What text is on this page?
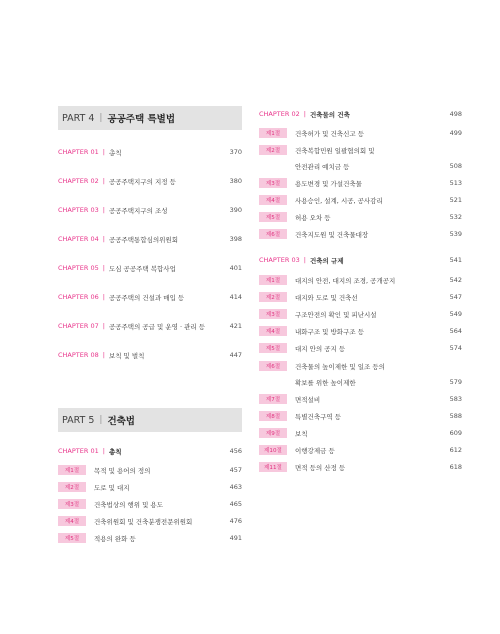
PART 4 | 공공주택 특별법
CHAPTER 01 | 총칙	370
CHAPTER 02 | 공공주택지구의 지정 등	380
CHAPTER 03 | 공공주택지구의 조성	390
CHAPTER 04 | 공공주택통합심의위원회	398
CHAPTER 05 | 도심 공공주택 복합사업	401
CHAPTER 06 | 공공주택의 건설과 매입 등	414
CHAPTER 07 | 공공주택의 공급 및 운영 · 관리 등	421
CHAPTER 08 | 보칙 및 벌칙	447
PART 5 | 건축법
CHAPTER 01 | 총칙	456
제1절	목적 및 용어의 정의	457
제2절	도로 및 대지	463
제3절	건축법상의 행위 및 용도	465
제4절	건축위원회 및 건축분쟁전문위원회	476
제5절	적용의 완화 등	491
CHAPTER 02 | 건축물의 건축	498
제1절	건축허가 및 건축신고 등	499
제2절	건축복합민원 일괄협의회 및
안전관리 예치금 등	508
제3절	용도변경 및 가설건축물	513
제4절	사용승인, 설계, 시공, 공사감리	521
제5절	허용 오차 등	532
제6절	건축지도원 및 건축물대장	539
CHAPTER 03 | 건축의 규제	541
제1절	대지의 안전, 대지의 조경, 공개공지	542
제2절	대지와 도로 및 건축선	547
제3절	구조안전의 확인 및 피난시설	549
제4절	내화구조 및 방화구조 등	564
제5절	대지 안의 공지 등	574
제6절	건축물의 높이제한 및 일조 등의
확보를 위한 높이제한	579
제7절	면적설비	583
제8절	특별건축구역 등	588
제9절	보칙	609
제10절	이행강제금 등	612
제11절	면적 등의 산정 등	618
